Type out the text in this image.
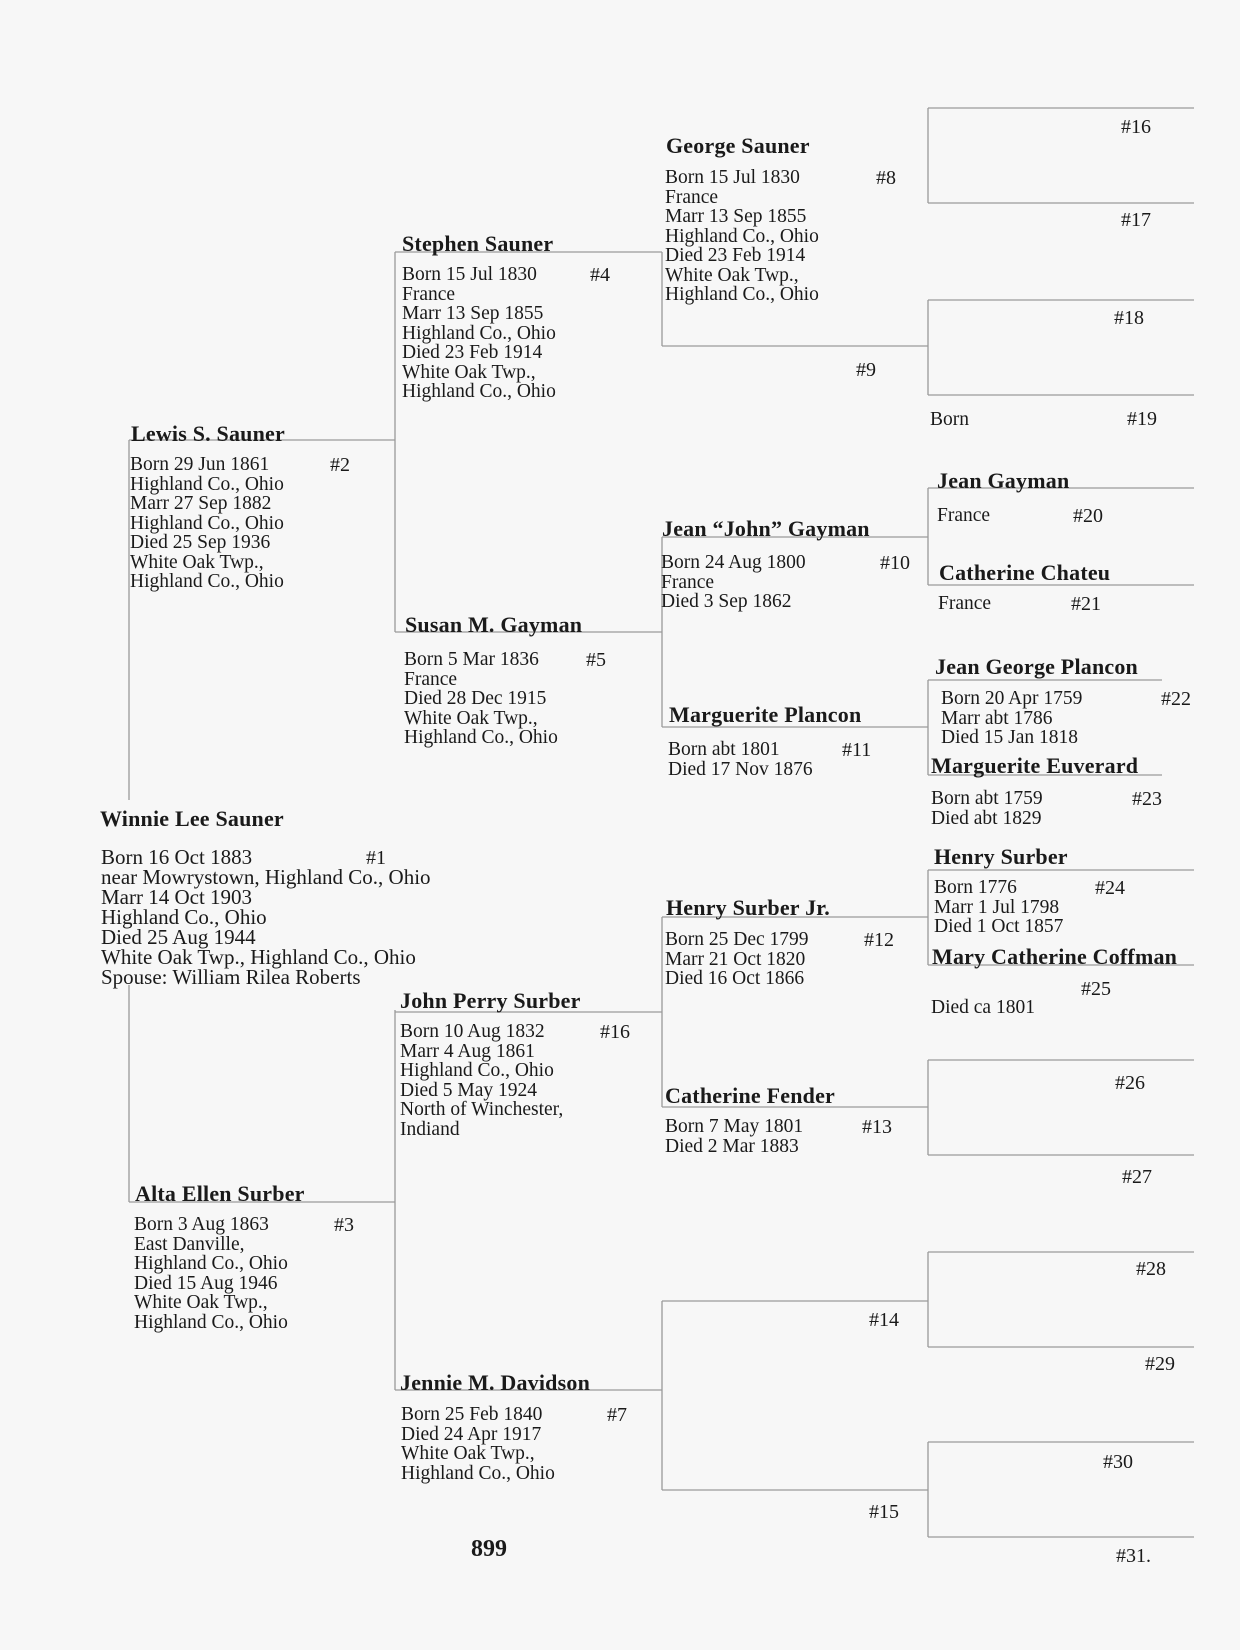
Winnie Lee Sauner
Born 16 Oct 1883
near Mowrystown, Highland Co., Ohio
Marr 14 Oct 1903
Highland Co., Ohio
Died 25 Aug 1944
White Oak Twp., Highland Co., Ohio
Spouse: William Rilea Roberts
#1
Lewis S. Sauner
#2
Born 29 Jun 1861
Highland Co., Ohio
Marr 27 Sep 1882
Highland Co., Ohio
Died 25 Sep 1936
White Oak Twp.,
Highland Co., Ohio
Alta Ellen Surber
#3
Born 3 Aug 1863
East Danville,
Highland Co., Ohio
Died 15 Aug 1946
White Oak Twp.,
Highland Co., Ohio
Stephen Sauner
#4
Born 15 Jul 1830
France
Marr 13 Sep 1855
Highland Co., Ohio
Died 23 Feb 1914
White Oak Twp.,
Highland Co., Ohio
Susan M. Gayman
#5
Born 5 Mar 1836
France
Died 28 Dec 1915
White Oak Twp.,
Highland Co., Ohio
John Perry Surber
#16
Born 10 Aug 1832
Marr 4 Aug 1861
Highland Co., Ohio
Died 5 May 1924
North of Winchester,
Indiand
Jennie M. Davidson
#7
Born 25 Feb 1840
Died 24 Apr 1917
White Oak Twp.,
Highland Co., Ohio
George Sauner
#8
Born 15 Jul 1830
France
Marr 13 Sep 1855
Highland Co., Ohio
Died 23 Feb 1914
White Oak Twp.,
Highland Co., Ohio
#9
Jean “John” Gayman
#10
Born 24 Aug 1800
France
Died 3 Sep 1862
Marguerite Plancon
#11
Born abt 1801
Died 17 Nov 1876
Henry Surber Jr.
#12
Born 25 Dec 1799
Marr 21 Oct 1820
Died 16 Oct 1866
Catherine Fender
#13
Born 7 May 1801
Died 2 Mar 1883
#14
#15
#16
#17
#18
Born	#19
Jean Gayman
France	#20
Catherine Chateu
France	#21
Jean George Plancon
#22
Born 20 Apr 1759
Marr abt 1786
Died 15 Jan 1818
Marguerite Euverard
#23
Born abt 1759
Died abt 1829
Henry Surber
#24
Born 1776
Marr 1 Jul 1798
Died 1 Oct 1857
Mary Catherine Coffman
#25
Died ca 1801
#26
#27
#28
#29
#30
#31.
899
